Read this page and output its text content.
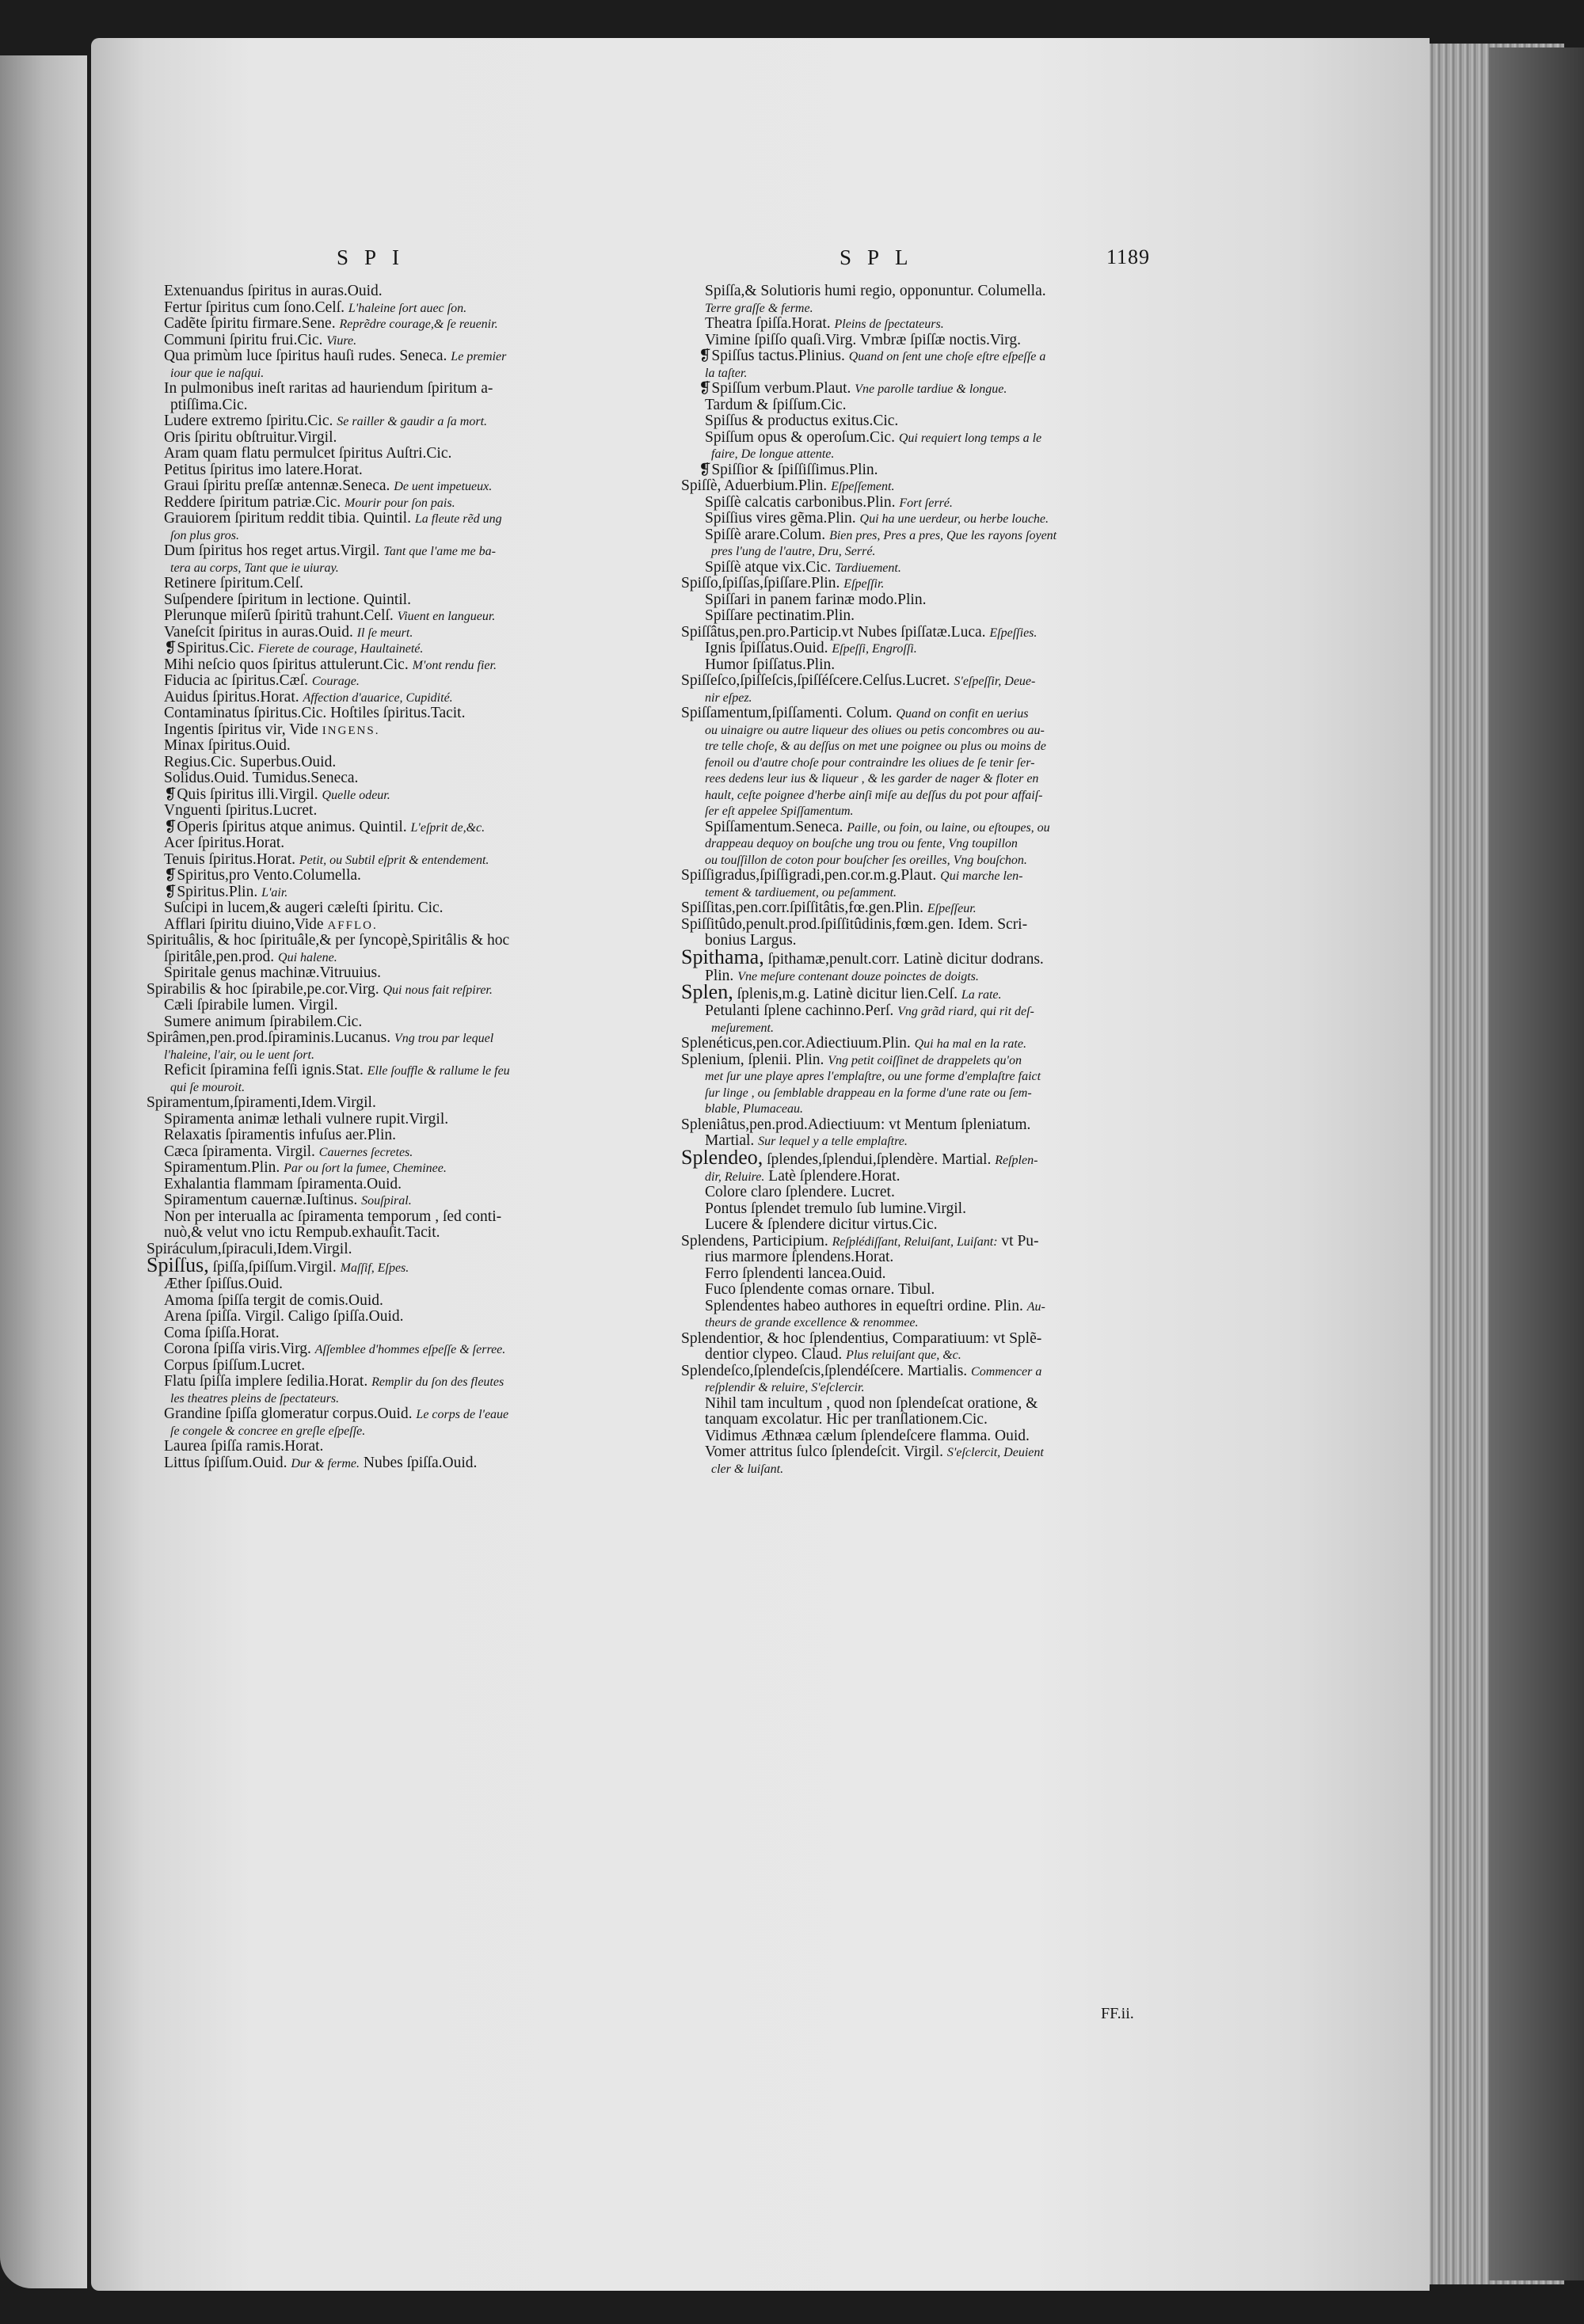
SPI	SPL	1189
Extenuandus ſpiritus in auras.Ouid.
Fertur ſpiritus cum ſono.Celſ. L'haleine ſort auec ſon.
Cadẽte ſpiritu firmare.Sene. Reprẽdre courage,& ſe reuenir.
Communi ſpiritu frui.Cic. Viure.
Qua primùm luce ſpiritus hauſi rudes. Seneca. Le premier
iour que ie naſqui.
In pulmonibus ineſt raritas ad hauriendum ſpiritum a-
ptiſſima.Cic.
Ludere extremo ſpiritu.Cic. Se railler & gaudir a ſa mort.
Oris ſpiritu obſtruitur.Virgil.
Aram quam flatu permulcet ſpiritus Auſtri.Cic.
Petitus ſpiritus imo latere.Horat.
Graui ſpiritu preſſæ antennæ.Seneca. De uent impetueux.
Reddere ſpiritum patriæ.Cic. Mourir pour ſon pais.
Grauiorem ſpiritum reddit tibia. Quintil. La fleute rẽd ung
ſon plus gros.
Dum ſpiritus hos reget artus.Virgil. Tant que l'ame me ba-
tera au corps, Tant que ie uiuray.
Retinere ſpiritum.Celſ.
Suſpendere ſpiritum in lectione. Quintil.
Plerunque miſerũ ſpiritũ trahunt.Celſ. Viuent en langueur.
Vaneſcit ſpiritus in auras.Ouid. Il ſe meurt.
❡Spiritus.Cic. Fierete de courage, Haultaineté.
Mihi neſcio quos ſpiritus attulerunt.Cic. M'ont rendu fier.
Fiducia ac ſpiritus.Cæſ. Courage.
Auidus ſpiritus.Horat. Affection d'auarice, Cupidité.
Contaminatus ſpiritus.Cic. Hoſtiles ſpiritus.Tacit.
Ingentis ſpiritus vir, Vide INGENS.
Minax ſpiritus.Ouid.
Regius.Cic. Superbus.Ouid.
Solidus.Ouid. Tumidus.Seneca.
❡Quis ſpiritus illi.Virgil. Quelle odeur.
Vnguenti ſpiritus.Lucret.
❡Operis ſpiritus atque animus. Quintil. L'eſprit de,&c.
Acer ſpiritus.Horat.
Tenuis ſpiritus.Horat. Petit, ou Subtil eſprit & entendement.
❡Spiritus,pro Vento.Columella.
❡Spiritus.Plin. L'air.
Suſcipi in lucem,& augeri cæleſti ſpiritu. Cic.
Afflari ſpiritu diuino,Vide AFFLO.
Spirituâlis, & hoc ſpirituâle,& per ſyncopè,Spiritâlis & hoc
ſpiritâle,pen.prod. Qui halene.
Spiritale genus machinæ.Vitruuius.
Spirabilis & hoc ſpirabile,pe.cor.Virg. Qui nous fait reſpirer.
Cæli ſpirabile lumen. Virgil.
Sumere animum ſpirabilem.Cic.
Spirâmen,pen.prod.ſpiraminis.Lucanus. Vng trou par lequel
l'haleine, l'air, ou le uent ſort.
Reficit ſpiramina feſſi ignis.Stat. Elle ſouffle & rallume le feu
qui ſe mouroit.
Spiramentum,ſpiramenti,Idem.Virgil.
Spiramenta animæ lethali vulnere rupit.Virgil.
Relaxatis ſpiramentis infuſus aer.Plin.
Cæca ſpiramenta. Virgil. Cauernes ſecretes.
Spiramentum.Plin. Par ou ſort la fumee, Cheminee.
Exhalantia flammam ſpiramenta.Ouid.
Spiramentum cauernæ.Iuſtinus. Souſpiral.
Non per interualla ac ſpiramenta temporum , ſed conti-
nuò,& velut vno ictu Rempub.exhauſit.Tacit.
Spiráculum,ſpiraculi,Idem.Virgil.
Spiſſus, ſpiſſa,ſpiſſum.Virgil. Maſſif, Eſpes.
Æther ſpiſſus.Ouid.
Amoma ſpiſſa tergit de comis.Ouid.
Arena ſpiſſa. Virgil. Caligo ſpiſſa.Ouid.
Coma ſpiſſa.Horat.
Corona ſpiſſa viris.Virg. Aſſemblee d'hommes eſpeſſe & ſerree.
Corpus ſpiſſum.Lucret.
Flatu ſpiſſa implere ſedilia.Horat. Remplir du ſon des fleutes
les theatres pleins de ſpectateurs.
Grandine ſpiſſa glomeratur corpus.Ouid. Le corps de l'eaue
ſe congele & concree en greſle eſpeſſe.
Laurea ſpiſſa ramis.Horat.
Littus ſpiſſum.Ouid. Dur & ferme. Nubes ſpiſſa.Ouid.
Spiſſa,& Solutioris humi regio, opponuntur. Columella.
Terre graſſe & ferme.
Theatra ſpiſſa.Horat. Pleins de ſpectateurs.
Vimine ſpiſſo quaſi.Virg. Vmbræ ſpiſſæ noctis.Virg.
❡Spiſſus tactus.Plinius. Quand on ſent une choſe eſtre eſpeſſe a
la taſter.
❡Spiſſum verbum.Plaut. Vne parolle tardiue & longue.
Tardum & ſpiſſum.Cic.
Spiſſus & productus exitus.Cic.
Spiſſum opus & operoſum.Cic. Qui requiert long temps a le
faire, De longue attente.
❡Spiſſior & ſpiſſiſſimus.Plin.
Spiſſè, Aduerbium.Plin. Eſpeſſement.
Spiſſè calcatis carbonibus.Plin. Fort ſerré.
Spiſſius vires gẽma.Plin. Qui ha une uerdeur, ou herbe louche.
Spiſſè arare.Colum. Bien pres, Pres a pres, Que les rayons ſoyent
pres l'ung de l'autre, Dru, Serré.
Spiſſè atque vix.Cic. Tardiuement.
Spiſſo,ſpiſſas,ſpiſſare.Plin. Eſpeſſir.
Spiſſari in panem farinæ modo.Plin.
Spiſſare pectinatim.Plin.
Spiſſâtus,pen.pro.Particip.vt Nubes ſpiſſatæ.Luca. Eſpeſſies.
Ignis ſpiſſatus.Ouid. Eſpeſſi, Engroſſi.
Humor ſpiſſatus.Plin.
Spiſſeſco,ſpiſſeſcis,ſpiſſéſcere.Celſus.Lucret. S'eſpeſſir, Deue-
nir eſpez.
Spiſſamentum,ſpiſſamenti. Colum. Quand on confit en uerius
ou uinaigre ou autre liqueur des oliues ou petis concombres ou au-
tre telle choſe, & au deſſus on met une poignee ou plus ou moins de
fenoil ou d'autre choſe pour contraindre les oliues de ſe tenir ſer-
rees dedens leur ius & liqueur , & les garder de nager & floter en
hault, ceſte poignee d'herbe ainſi miſe au deſſus du pot pour affaiſ-
ſer eſt appelee Spiſſamentum.
Spiſſamentum.Seneca. Paille, ou foin, ou laine, ou eſtoupes, ou
drappeau dequoy on bouſche ung trou ou fente, Vng toupillon
ou touſſillon de coton pour bouſcher ſes oreilles, Vng bouſchon.
Spiſſigradus,ſpiſſigradi,pen.cor.m.g.Plaut. Qui marche len-
tement & tardiuement, ou peſamment.
Spiſſitas,pen.corr.ſpiſſitâtis,fœ.gen.Plin. Eſpeſſeur.
Spiſſitûdo,penult.prod.ſpiſſitûdinis,fœm.gen. Idem. Scri-
bonius Largus.
Spithama, ſpithamæ,penult.corr. Latinè dicitur dodrans.
Plin. Vne meſure contenant douze poinctes de doigts.
Splen, ſplenis,m.g. Latinè dicitur lien.Celſ. La rate.
Petulanti ſplene cachinno.Perſ. Vng grãd riard, qui rit deſ-
meſurement.
Splenéticus,pen.cor.Adiectiuum.Plin. Qui ha mal en la rate.
Splenium, ſplenii. Plin. Vng petit coiſſinet de drappelets qu'on
met ſur une playe apres l'emplaſtre, ou une forme d'emplaſtre faict
ſur linge , ou ſemblable drappeau en la forme d'une rate ou ſem-
blable, Plumaceau.
Spleniâtus,pen.prod.Adiectiuum: vt Mentum ſpleniatum.
Martial. Sur lequel y a telle emplaſtre.
Splendeo, ſplendes,ſplendui,ſplendère. Martial. Reſplen-
dir, Reluire. Latè ſplendere.Horat.
Colore claro ſplendere. Lucret.
Pontus ſplendet tremulo ſub lumine.Virgil.
Lucere & ſplendere dicitur virtus.Cic.
Splendens, Participium. Reſplédiſſant, Reluiſant, Luiſant: vt Pu-
rius marmore ſplendens.Horat.
Ferro ſplendenti lancea.Ouid.
Fuco ſplendente comas ornare. Tibul.
Splendentes habeo authores in equeſtri ordine. Plin. Au-
theurs de grande excellence & renommee.
Splendentior, & hoc ſplendentius, Comparatiuum: vt Splẽ-
dentior clypeo. Claud. Plus reluiſant que, &c.
Splendeſco,ſplendeſcis,ſplendéſcere. Martialis. Commencer a
reſplendir & reluire, S'eſclercir.
Nihil tam incultum , quod non ſplendeſcat oratione, &
tanquam excolatur. Hic per tranſlationem.Cic.
Vidimus Æthnæa cælum ſplendeſcere flamma. Ouid.
Vomer attritus ſulco ſplendeſcit. Virgil. S'eſclercit, Deuient
cler & luiſant.
FF.ii.
